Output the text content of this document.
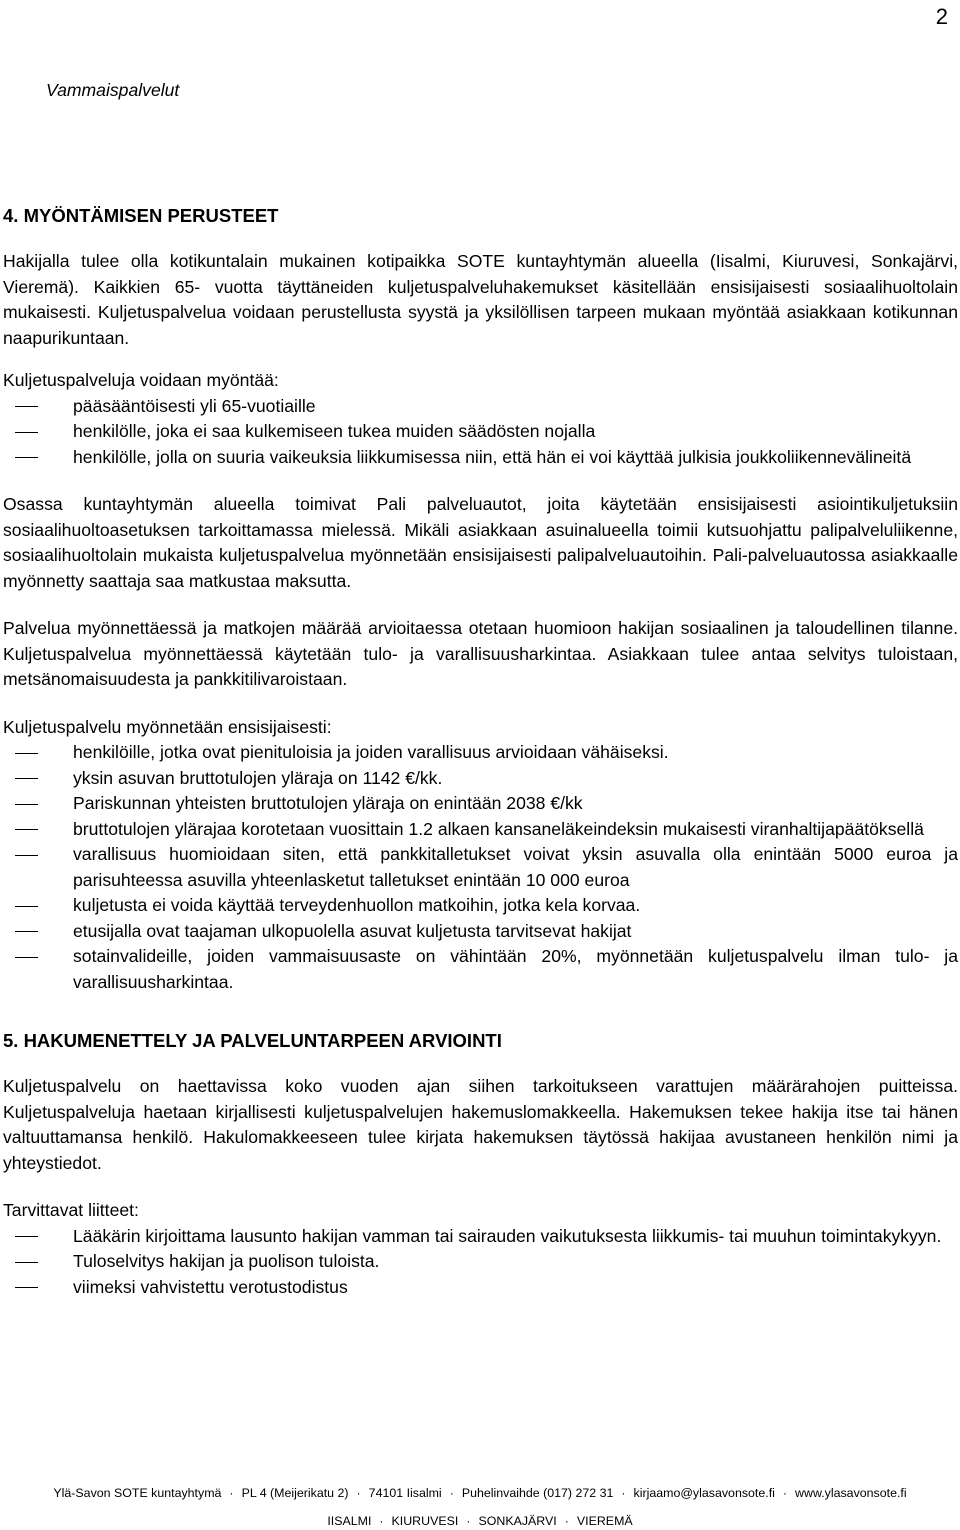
2
Vammaispalvelut
4. MYÖNTÄMISEN PERUSTEET

Hakijalla tulee olla kotikuntalain mukainen kotipaikka SOTE kuntayhtymän alueella (Iisalmi, Kiuruvesi, Sonkajärvi, Vieremä). Kaikkien 65- vuotta täyttäneiden kuljetuspalveluhakemukset käsitellään ensisijaisesti sosiaalihuoltolain mukaisesti. Kuljetuspalvelua voidaan perustellusta syystä ja yksilöllisen tarpeen mukaan myöntää asiakkaan kotikunnan naapurikuntaan.

Kuljetuspalveluja voidaan myöntää:

pääsääntöisesti yli 65-vuotiaille
henkilölle, joka ei saa kulkemiseen tukea muiden säädösten nojalla
henkilölle, jolla on suuria vaikeuksia liikkumisessa niin, että hän ei voi käyttää julkisia joukkoliikennevälineitä

Osassa kuntayhtymän alueella toimivat Pali palveluautot, joita käytetään ensisijaisesti asiointikuljetuksiin sosiaalihuoltoasetuksen tarkoittamassa mielessä. Mikäli asiakkaan asuinalueella toimii kutsuohjattu palipalveluliikenne, sosiaalihuoltolain mukaista kuljetuspalvelua myönnetään ensisijaisesti palipalveluautoihin. Pali-palveluautossa asiakkaalle myönnetty saattaja saa matkustaa maksutta.

Palvelua myönnettäessä ja matkojen määrää arvioitaessa otetaan huomioon hakijan sosiaalinen ja taloudellinen tilanne. Kuljetuspalvelua myönnettäessä käytetään tulo- ja varallisuusharkintaa. Asiakkaan tulee antaa selvitys tuloistaan, metsänomaisuudesta ja pankkitilivaroistaan.

Kuljetuspalvelu myönnetään ensisijaisesti:

henkilöille, jotka ovat pienituloisia ja joiden varallisuus arvioidaan vähäiseksi.
yksin asuvan bruttotulojen yläraja on 1142 €/kk.
Pariskunnan yhteisten bruttotulojen yläraja on enintään 2038 €/kk
bruttotulojen ylärajaa korotetaan vuosittain 1.2 alkaen kansaneläkeindeksin mukaisesti viranhaltijapäätöksellä
varallisuus huomioidaan siten, että pankkitalletukset voivat yksin asuvalla olla enintään 5000 euroa ja parisuhteessa asuvilla yhteenlasketut talletukset enintään 10 000 euroa
kuljetusta ei voida käyttää terveydenhuollon matkoihin, jotka kela korvaa.
etusijalla ovat taajaman ulkopuolella asuvat kuljetusta tarvitsevat hakijat
sotainvalideille, joiden vammaisuusaste on vähintään 20%, myönnetään kuljetuspalvelu ilman tulo- ja varallisuusharkintaa.
5. HAKUMENETTELY JA PALVELUNTARPEEN ARVIOINTI

Kuljetuspalvelu on haettavissa koko vuoden ajan siihen tarkoitukseen varattujen määrärahojen puitteissa. Kuljetuspalveluja haetaan kirjallisesti kuljetuspalvelujen hakemuslomakkeella. Hakemuksen tekee hakija itse tai hänen valtuuttamansa henkilö. Hakulomakkeeseen tulee kirjata hakemuksen täytössä hakijaa avustaneen henkilön nimi ja yhteystiedot.

Tarvittavat liitteet:

Lääkärin kirjoittama lausunto hakijan vamman tai sairauden vaikutuksesta liikkumis- tai muuhun toimintakykyyn.
Tuloselvitys hakijan ja puolison tuloista.
viimeksi vahvistettu verotustodistus
Ylä-Savon SOTE kuntayhtymä · PL 4 (Meijerikatu 2) · 74101 Iisalmi · Puhelinvaihde (017) 272 31 · kirjaamo@ylasavonsote.fi · www.ylasavonsote.fi
IISALMI · KIURUVESI · SONKAJÄRVI · VIEREMÄ
